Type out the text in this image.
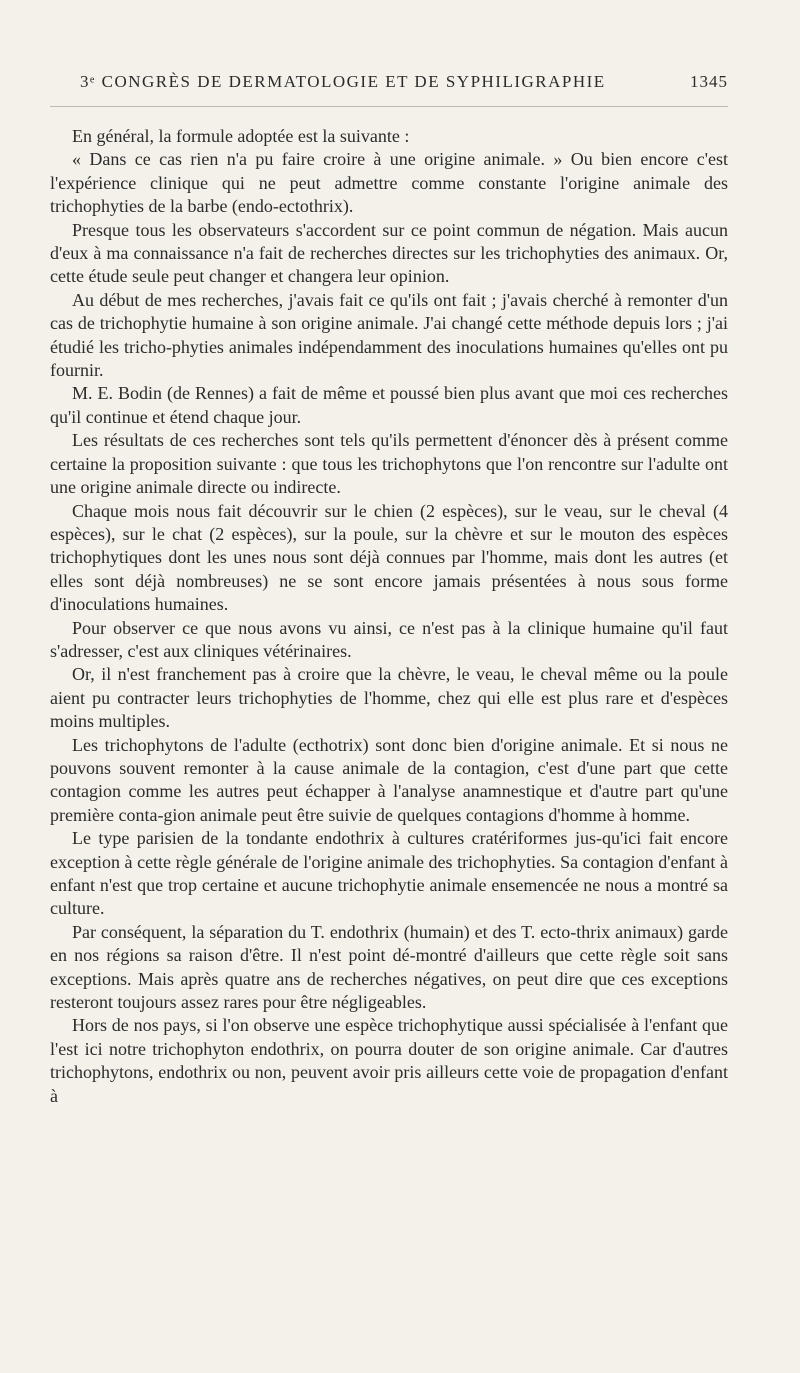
3ᵉ CONGRÈS DE DERMATOLOGIE ET DE SYPHILIGRAPHIE	1345

En général, la formule adoptée est la suivante :

« Dans ce cas rien n'a pu faire croire à une origine animale. » Ou bien encore c'est l'expérience clinique qui ne peut admettre comme constante l'origine animale des trichophyties de la barbe (endo-ectothrix).

Presque tous les observateurs s'accordent sur ce point commun de négation. Mais aucun d'eux à ma connaissance n'a fait de recherches directes sur les trichophyties des animaux. Or, cette étude seule peut changer et changera leur opinion.

Au début de mes recherches, j'avais fait ce qu'ils ont fait ; j'avais cherché à remonter d'un cas de trichophytie humaine à son origine animale. J'ai changé cette méthode depuis lors ; j'ai étudié les tricho-phyties animales indépendamment des inoculations humaines qu'elles ont pu fournir.

M. E. Bodin (de Rennes) a fait de même et poussé bien plus avant que moi ces recherches qu'il continue et étend chaque jour.

Les résultats de ces recherches sont tels qu'ils permettent d'énoncer dès à présent comme certaine la proposition suivante : que tous les trichophytons que l'on rencontre sur l'adulte ont une origine animale directe ou indirecte.

Chaque mois nous fait découvrir sur le chien (2 espèces), sur le veau, sur le cheval (4 espèces), sur le chat (2 espèces), sur la poule, sur la chèvre et sur le mouton des espèces trichophytiques dont les unes nous sont déjà connues par l'homme, mais dont les autres (et elles sont déjà nombreuses) ne se sont encore jamais présentées à nous sous forme d'inoculations humaines.

Pour observer ce que nous avons vu ainsi, ce n'est pas à la clinique humaine qu'il faut s'adresser, c'est aux cliniques vétérinaires.

Or, il n'est franchement pas à croire que la chèvre, le veau, le cheval même ou la poule aient pu contracter leurs trichophyties de l'homme, chez qui elle est plus rare et d'espèces moins multiples.

Les trichophytons de l'adulte (ecthotrix) sont donc bien d'origine animale. Et si nous ne pouvons souvent remonter à la cause animale de la contagion, c'est d'une part que cette contagion comme les autres peut échapper à l'analyse anamnestique et d'autre part qu'une première conta-gion animale peut être suivie de quelques contagions d'homme à homme.

Le type parisien de la tondante endothrix à cultures cratériformes jus-qu'ici fait encore exception à cette règle générale de l'origine animale des trichophyties. Sa contagion d'enfant à enfant n'est que trop certaine et aucune trichophytie animale ensemencée ne nous a montré sa culture.

Par conséquent, la séparation du T. endothrix (humain) et des T. ecto-thrix animaux) garde en nos régions sa raison d'être. Il n'est point dé-montré d'ailleurs que cette règle soit sans exceptions. Mais après quatre ans de recherches négatives, on peut dire que ces exceptions resteront toujours assez rares pour être négligeables.

Hors de nos pays, si l'on observe une espèce trichophytique aussi spécialisée à l'enfant que l'est ici notre trichophyton endothrix, on pourra douter de son origine animale. Car d'autres trichophytons, endothrix ou non, peuvent avoir pris ailleurs cette voie de propagation d'enfant à
